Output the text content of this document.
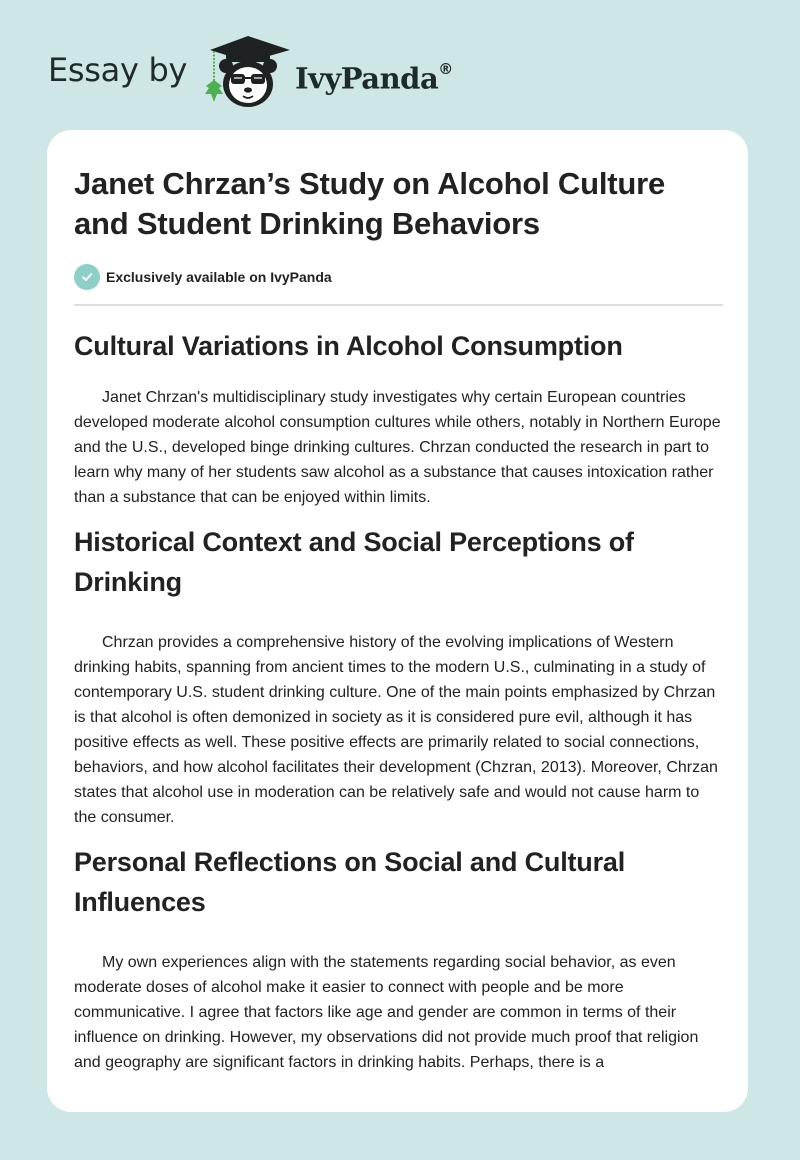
Essay by	IvyPanda®
Janet Chrzan’s Study on Alcohol Culture and Student Drinking Behaviors
Exclusively available on IvyPanda
Cultural Variations in Alcohol Consumption

Janet Chrzan's multidisciplinary study investigates why certain European countries developed moderate alcohol consumption cultures while others, notably in Northern Europe and the U.S., developed binge drinking cultures. Chrzan conducted the research in part to learn why many of her students saw alcohol as a substance that causes intoxication rather than a substance that can be enjoyed within limits.

Historical Context and Social Perceptions of Drinking

Chrzan provides a comprehensive history of the evolving implications of Western drinking habits, spanning from ancient times to the modern U.S., culminating in a study of contemporary U.S. student drinking culture. One of the main points emphasized by Chrzan is that alcohol is often demonized in society as it is considered pure evil, although it has positive effects as well. These positive effects are primarily related to social connections, behaviors, and how alcohol facilitates their development (Chzran, 2013). Moreover, Chrzan states that alcohol use in moderation can be relatively safe and would not cause harm to the consumer.

Personal Reflections on Social and Cultural Influences

My own experiences align with the statements regarding social behavior, as even moderate doses of alcohol make it easier to connect with people and be more communicative. I agree that factors like age and gender are common in terms of their influence on drinking. However, my observations did not provide much proof that religion and geography are significant factors in drinking habits. Perhaps, there is a
